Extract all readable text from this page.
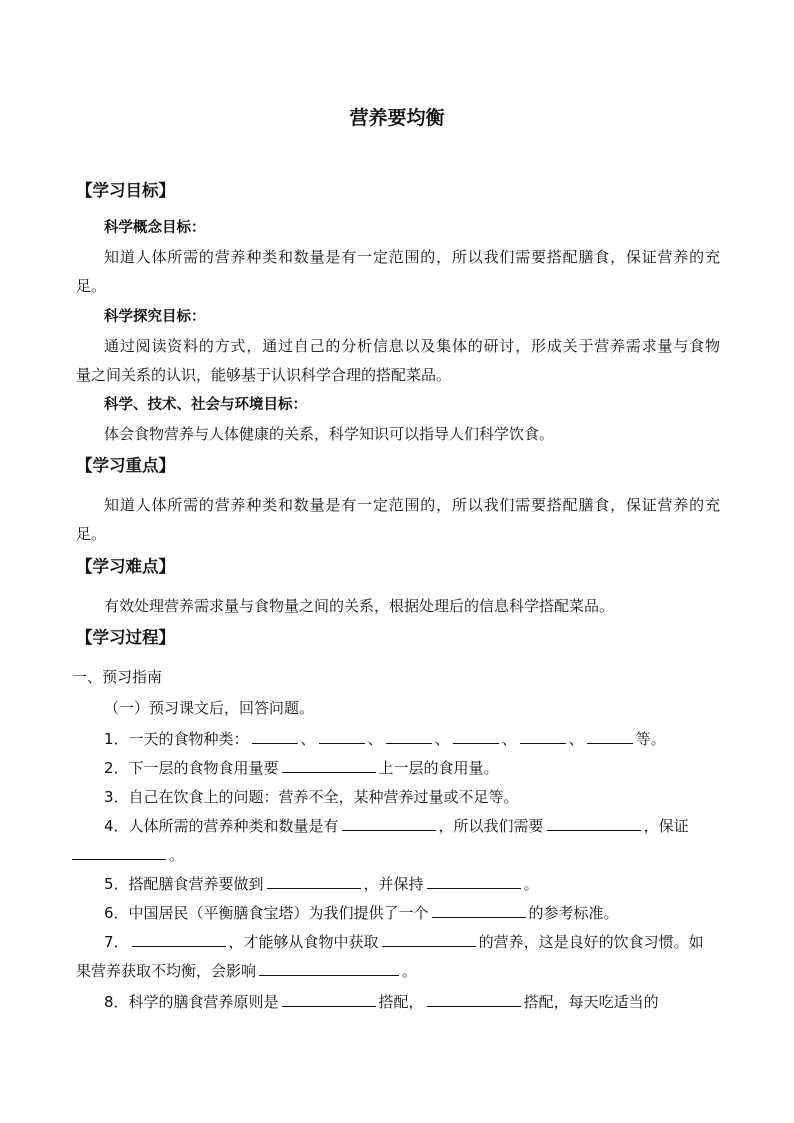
营养要均衡
【学习目标】
科学概念目标：
知道人体所需的营养种类和数量是有一定范围的，所以我们需要搭配膳食，保证营养的充
足。
科学探究目标：
通过阅读资料的方式，通过自己的分析信息以及集体的研讨，形成关于营养需求量与食物
量之间关系的认识，能够基于认识科学合理的搭配菜品。
科学、技术、社会与环境目标：
体会食物营养与人体健康的关系，科学知识可以指导人们科学饮食。
【学习重点】
知道人体所需的营养种类和数量是有一定范围的，所以我们需要搭配膳食，保证营养的充
足。
【学习难点】
有效处理营养需求量与食物量之间的关系，根据处理后的信息科学搭配菜品。
【学习过程】
一、预习指南
（一）预习课文后，回答问题。
1．一天的食物种类：	、	、	、	、	、	等。
2．下一层的食物食用量要	上一层的食用量。
3．自己在饮食上的问题：营养不全，某种营养过量或不足等。
4．人体所需的营养种类和数量是有	，所以我们需要	，保证
。
5．搭配膳食营养要做到	，并保持	。
6．中国居民（平衡膳食宝塔）为我们提供了一个	的参考标准。
7．	，才能够从食物中获取	的营养，这是良好的饮食习惯。如
果营养获取不均衡，会影响	。
8．科学的膳食营养原则是	搭配，	搭配，每天吃适当的
